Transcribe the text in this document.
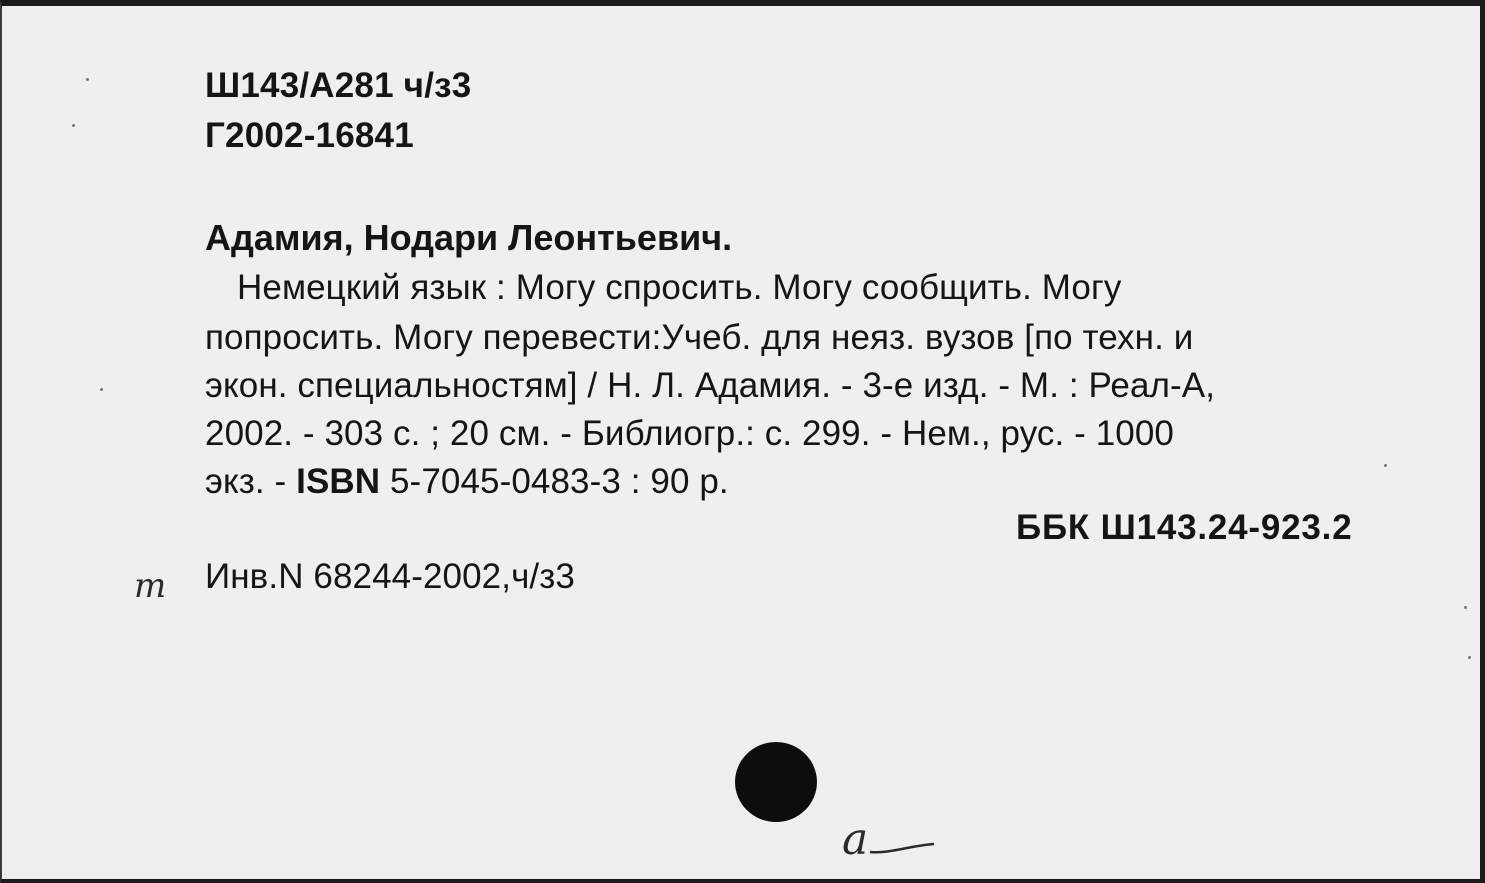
Ш143/А281 ч/з3

Г2002-16841

Адамия, Нодари Леонтьевич.

Немецкий язык : Могу спросить. Могу сообщить. Могу

попросить. Могу перевести:Учеб. для неяз. вузов [по техн. и

экон. специальностям] / Н. Л. Адамия. - 3-е изд. - М. : Реал-А,

2002. - 303 с. ; 20 см. - Библиогр.: с. 299. - Нем., рус. - 1000

экз. - ISBN 5-7045-0483-3 : 90 р.

ББК Ш143.24-923.2

m Инв.N 68244-2002,ч/з3

a
